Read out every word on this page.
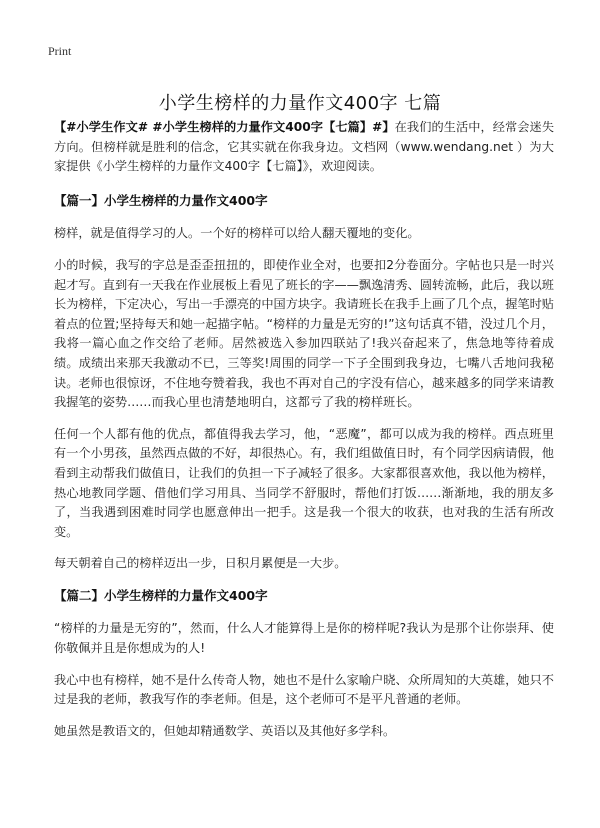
Print
小学生榜样的力量作文400字 七篇

【#小学生作文# #小学生榜样的力量作文400字【七篇】#】在我们的生活中，经常会迷失方向。但榜样就是胜利的信念，它其实就在你我身边。文档网（www.wendang.net ）为大家提供《小学生榜样的力量作文400字【七篇】》，欢迎阅读。

【篇一】小学生榜样的力量作文400字

榜样，就是值得学习的人。一个好的榜样可以给人翻天覆地的变化。

小的时候，我写的字总是歪歪扭扭的，即使作业全对，也要扣2分卷面分。字帖也只是一时兴起才写。直到有一天我在作业展板上看见了班长的字——飘逸清秀、圆转流畅，此后，我以班长为榜样，下定决心，写出一手漂亮的中国方块字。我请班长在我手上画了几个点，握笔时贴着点的位置;坚持每天和她一起描字帖。“榜样的力量是无穷的!”这句话真不错，没过几个月，我将一篇心血之作交给了老师。居然被选入参加四联站了!我兴奋起来了，焦急地等待着成绩。成绩出来那天我激动不已，三等奖!周围的同学一下子全围到我身边，七嘴八舌地问我秘诀。老师也很惊讶，不住地夸赞着我，我也不再对自己的字没有信心，越来越多的同学来请教我握笔的姿势……而我心里也清楚地明白，这都亏了我的榜样班长。

任何一个人都有他的优点，都值得我去学习，他，“恶魔”，都可以成为我的榜样。西点班里有一个小男孩，虽然西点做的不好，却很热心。有，我们组做值日时，有个同学因病请假，他看到主动帮我们做值日，让我们的负担一下子减轻了很多。大家都很喜欢他，我以他为榜样，热心地教同学题、借他们学习用具、当同学不舒服时，帮他们打饭……渐渐地，我的朋友多了，当我遇到困难时同学也愿意伸出一把手。这是我一个很大的收获，也对我的生活有所改变。

每天朝着自己的榜样迈出一步，日积月累便是一大步。

【篇二】小学生榜样的力量作文400字

“榜样的力量是无穷的”，然而，什么人才能算得上是你的榜样呢?我认为是那个让你崇拜、使你敬佩并且是你想成为的人!

我心中也有榜样，她不是什么传奇人物，她也不是什么家喻户晓、众所周知的大英雄，她只不过是我的老师，教我写作的李老师。但是，这个老师可不是平凡普通的老师。

她虽然是教语文的，但她却精通数学、英语以及其他好多学科。
